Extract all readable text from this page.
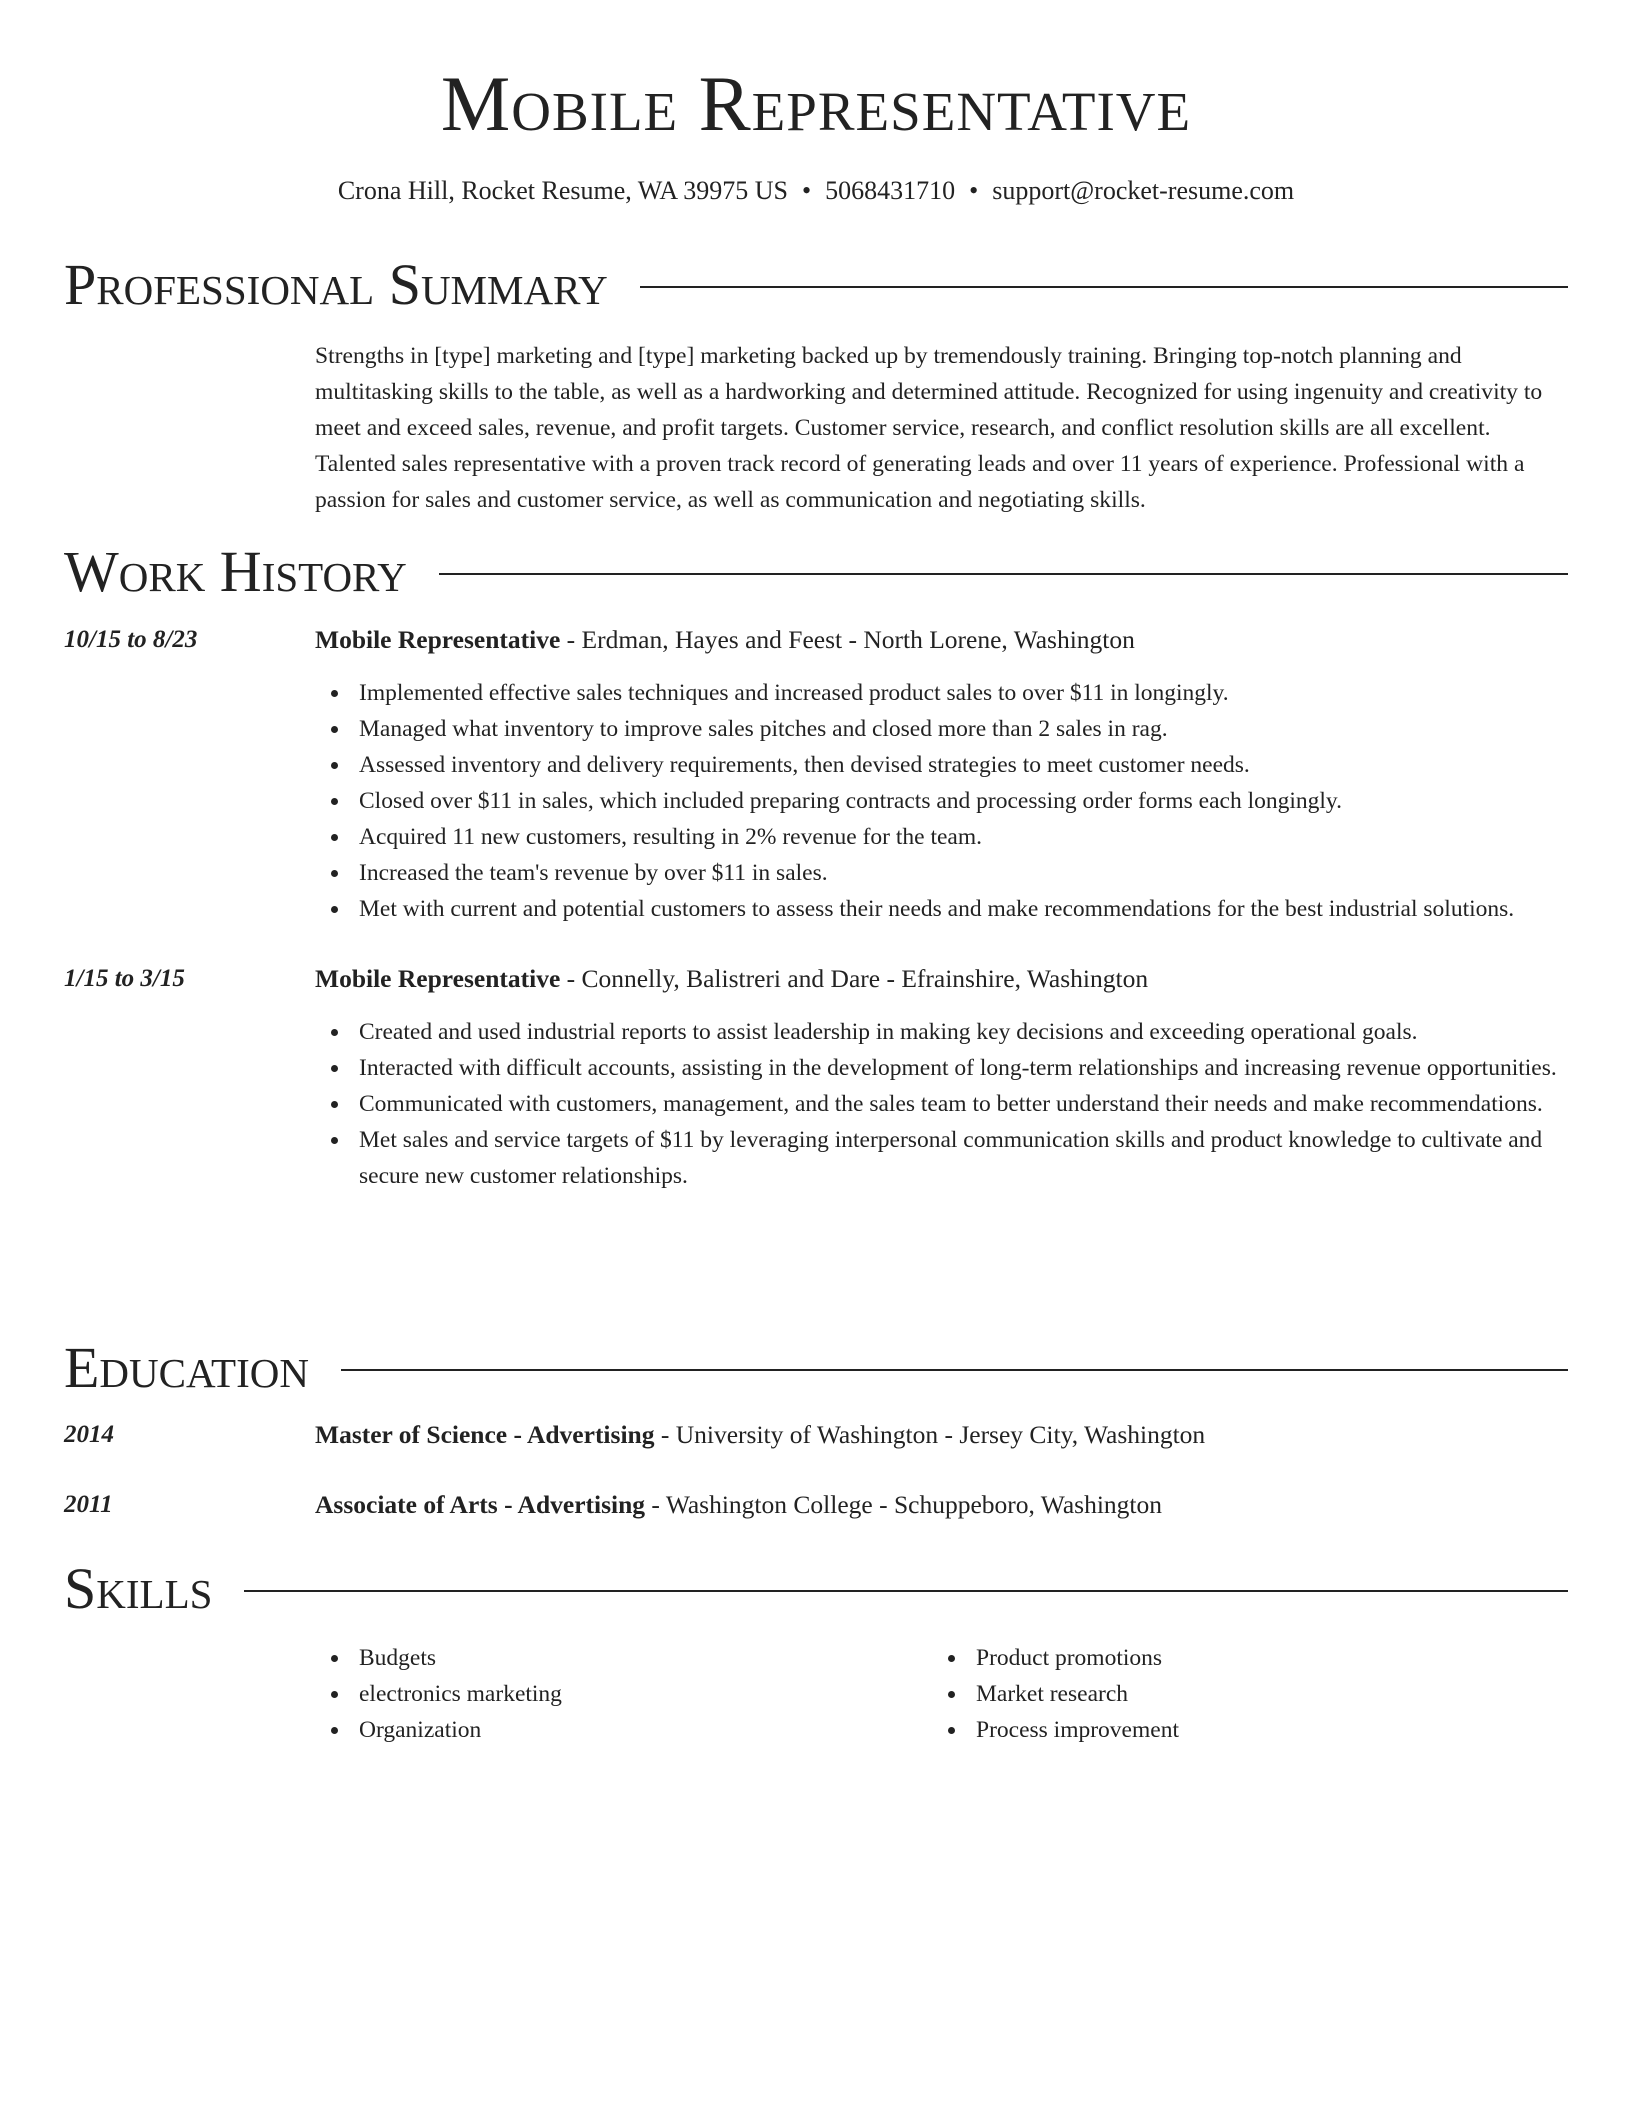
Mobile Representative
Crona Hill, Rocket Resume, WA 39975 US • 5068431710 • support@rocket-resume.com
Professional Summary
Strengths in [type] marketing and [type] marketing backed up by tremendously training. Bringing top-notch planning and multitasking skills to the table, as well as a hardworking and determined attitude. Recognized for using ingenuity and creativity to meet and exceed sales, revenue, and profit targets. Customer service, research, and conflict resolution skills are all excellent. Talented sales representative with a proven track record of generating leads and over 11 years of experience. Professional with a passion for sales and customer service, as well as communication and negotiating skills.
Work History
10/15 to 8/23	Mobile Representative - Erdman, Hayes and Feest - North Lorene, Washington
Implemented effective sales techniques and increased product sales to over $11 in longingly.
Managed what inventory to improve sales pitches and closed more than 2 sales in rag.
Assessed inventory and delivery requirements, then devised strategies to meet customer needs.
Closed over $11 in sales, which included preparing contracts and processing order forms each longingly.
Acquired 11 new customers, resulting in 2% revenue for the team.
Increased the team's revenue by over $11 in sales.
Met with current and potential customers to assess their needs and make recommendations for the best industrial solutions.
1/15 to 3/15	Mobile Representative - Connelly, Balistreri and Dare - Efrainshire, Washington
Created and used industrial reports to assist leadership in making key decisions and exceeding operational goals.
Interacted with difficult accounts, assisting in the development of long-term relationships and increasing revenue opportunities.
Communicated with customers, management, and the sales team to better understand their needs and make recommendations.
Met sales and service targets of $11 by leveraging interpersonal communication skills and product knowledge to cultivate and secure new customer relationships.
Education
2014	Master of Science - Advertising - University of Washington - Jersey City, Washington
2011	Associate of Arts - Advertising - Washington College - Schuppeboro, Washington
Skills
Budgets
electronics marketing
Organization
Product promotions
Market research
Process improvement
